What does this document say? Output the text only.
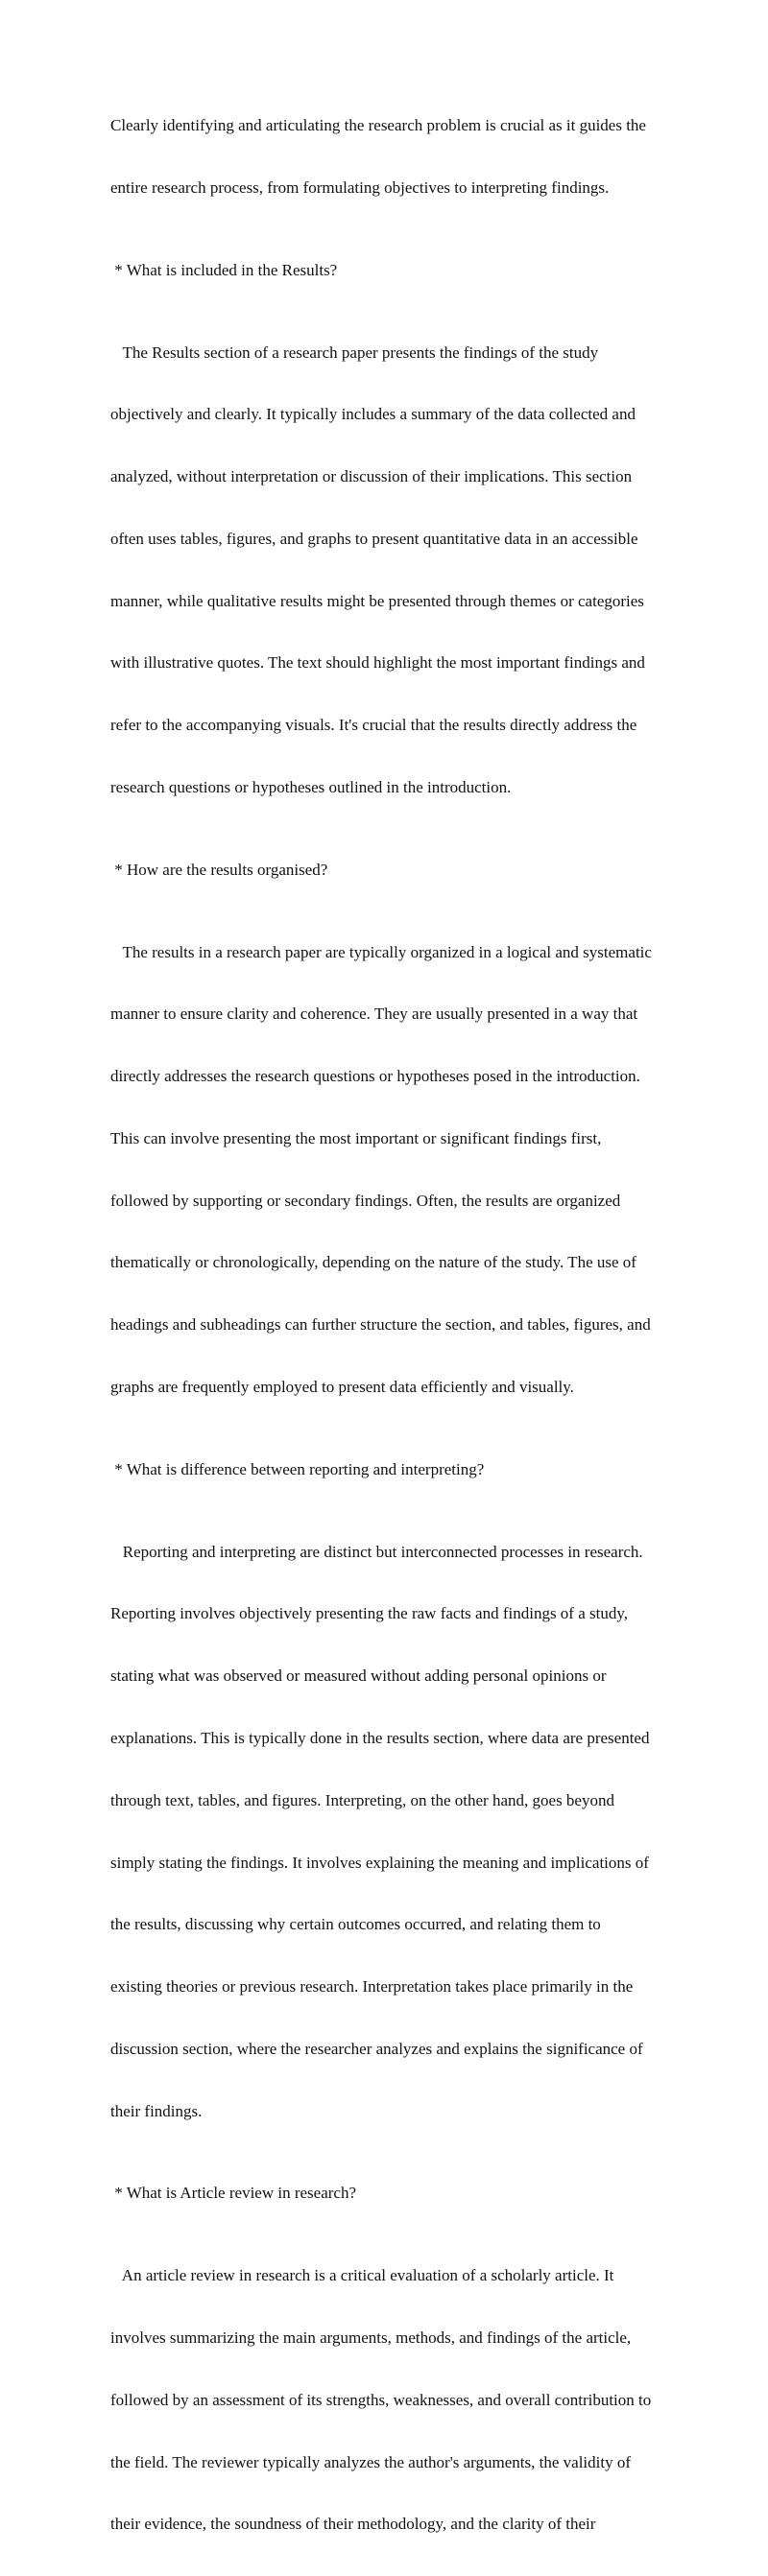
Clearly identifying and articulating the research problem is crucial as it guides the

entire research process, from formulating objectives to interpreting findings.

* What is included in the Results?

The Results section of a research paper presents the findings of the study

objectively and clearly. It typically includes a summary of the data collected and

analyzed, without interpretation or discussion of their implications. This section

often uses tables, figures, and graphs to present quantitative data in an accessible

manner, while qualitative results might be presented through themes or categories

with illustrative quotes. The text should highlight the most important findings and

refer to the accompanying visuals. It's crucial that the results directly address the

research questions or hypotheses outlined in the introduction.

* How are the results organised?

The results in a research paper are typically organized in a logical and systematic

manner to ensure clarity and coherence. They are usually presented in a way that

directly addresses the research questions or hypotheses posed in the introduction.

This can involve presenting the most important or significant findings first,

followed by supporting or secondary findings. Often, the results are organized

thematically or chronologically, depending on the nature of the study. The use of

headings and subheadings can further structure the section, and tables, figures, and

graphs are frequently employed to present data efficiently and visually.

* What is difference between reporting and interpreting?

Reporting and interpreting are distinct but interconnected processes in research.

Reporting involves objectively presenting the raw facts and findings of a study,

stating what was observed or measured without adding personal opinions or

explanations. This is typically done in the results section, where data are presented

through text, tables, and figures. Interpreting, on the other hand, goes beyond

simply stating the findings. It involves explaining the meaning and implications of

the results, discussing why certain outcomes occurred, and relating them to

existing theories or previous research. Interpretation takes place primarily in the

discussion section, where the researcher analyzes and explains the significance of

their findings.

* What is Article review in research?

An article review in research is a critical evaluation of a scholarly article. It

involves summarizing the main arguments, methods, and findings of the article,

followed by an assessment of its strengths, weaknesses, and overall contribution to

the field. The reviewer typically analyzes the author's arguments, the validity of

their evidence, the soundness of their methodology, and the clarity of their
